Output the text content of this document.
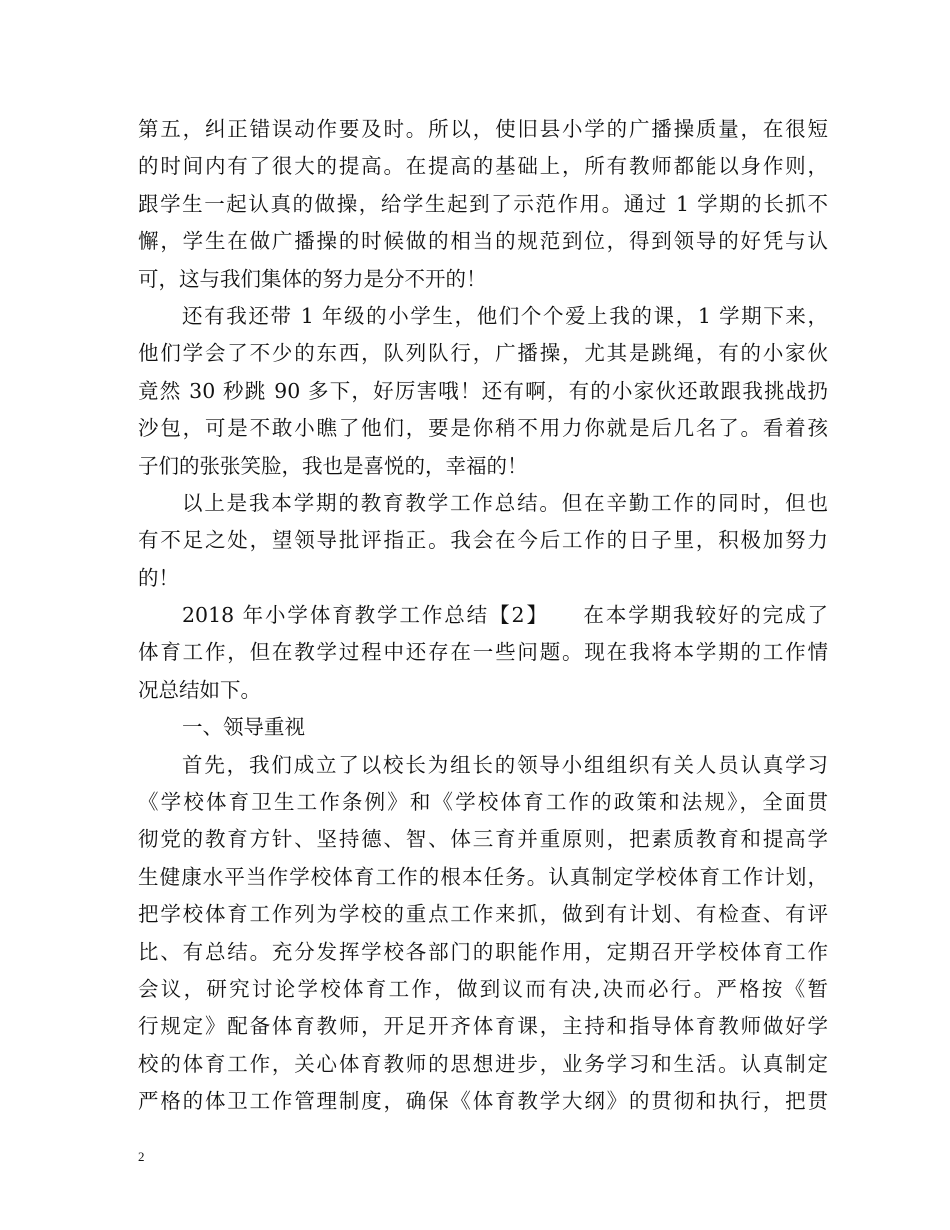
第五，纠正错误动作要及时。所以，使旧县小学的广播操质量，在很短
的时间内有了很大的提高。在提高的基础上，所有教师都能以身作则，
跟学生一起认真的做操，给学生起到了示范作用。通过 1 学期的长抓不
懈，学生在做广播操的时候做的相当的规范到位，得到领导的好凭与认
可，这与我们集体的努力是分不开的！
还有我还带 1 年级的小学生，他们个个爱上我的课，1 学期下来，
他们学会了不少的东西，队列队行，广播操，尤其是跳绳，有的小家伙
竟然 30 秒跳 90 多下，好厉害哦！还有啊，有的小家伙还敢跟我挑战扔
沙包，可是不敢小瞧了他们，要是你稍不用力你就是后几名了。看着孩
子们的张张笑脸，我也是喜悦的，幸福的！
以上是我本学期的教育教学工作总结。但在辛勤工作的同时，但也
有不足之处，望领导批评指正。我会在今后工作的日子里，积极加努力
的！
2018 年小学体育教学工作总结【2】　　在本学期我较好的完成了
体育工作，但在教学过程中还存在一些问题。现在我将本学期的工作情
况总结如下。
一、领导重视
首先，我们成立了以校长为组长的领导小组组织有关人员认真学习
《学校体育卫生工作条例》和《学校体育工作的政策和法规》，全面贯
彻党的教育方针、坚持德、智、体三育并重原则，把素质教育和提高学
生健康水平当作学校体育工作的根本任务。认真制定学校体育工作计划，
把学校体育工作列为学校的重点工作来抓，做到有计划、有检查、有评
比、有总结。充分发挥学校各部门的职能作用，定期召开学校体育工作
会议，研究讨论学校体育工作，做到议而有决,决而必行。严格按《暂
行规定》配备体育教师，开足开齐体育课，主持和指导体育教师做好学
校的体育工作，关心体育教师的思想进步，业务学习和生活。认真制定
严格的体卫工作管理制度，确保《体育教学大纲》的贯彻和执行，把贯
2
